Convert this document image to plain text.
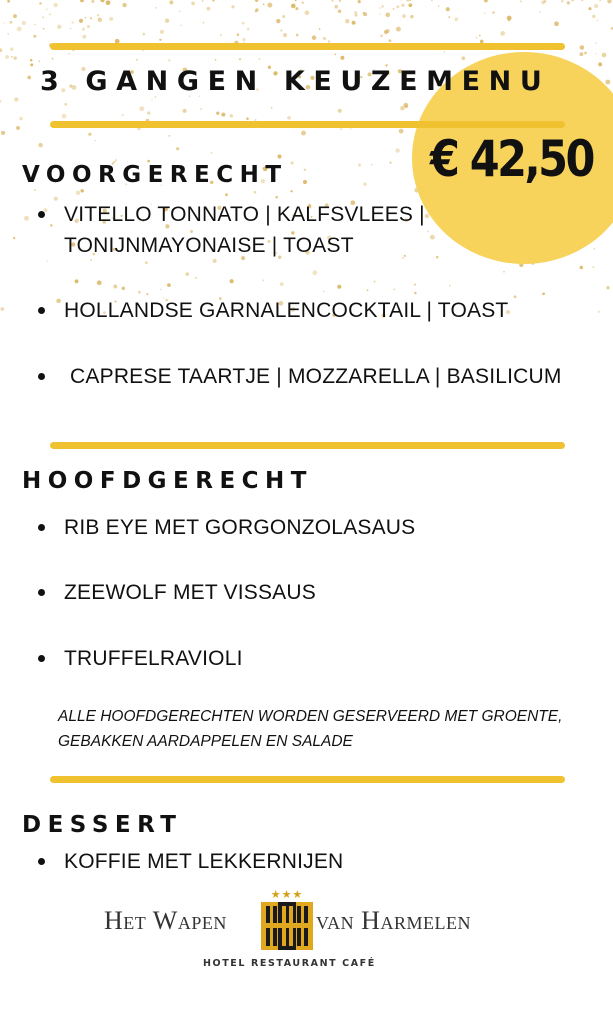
3 GANGEN KEUZEMENU
€ 42,50
VOORGERECHT
VITELLO TONNATO | KALFSVLEES |
TONIJNMAYONAISE | TOAST
HOLLANDSE GARNALENCOCKTAIL | TOAST
CAPRESE TAARTJE | MOZZARELLA | BASILICUM
HOOFDGERECHT
RIB EYE MET GORGONZOLASAUS
ZEEWOLF MET VISSAUS
TRUFFELRAVIOLI
ALLE HOOFDGERECHTEN WORDEN GESERVEERD MET GROENTE,
GEBAKKEN AARDAPPELEN EN SALADE
DESSERT
KOFFIE MET LEKKERNIJEN
★★★
Het Wapen	van Harmelen
HOTEL RESTAURANT CAFÉ
